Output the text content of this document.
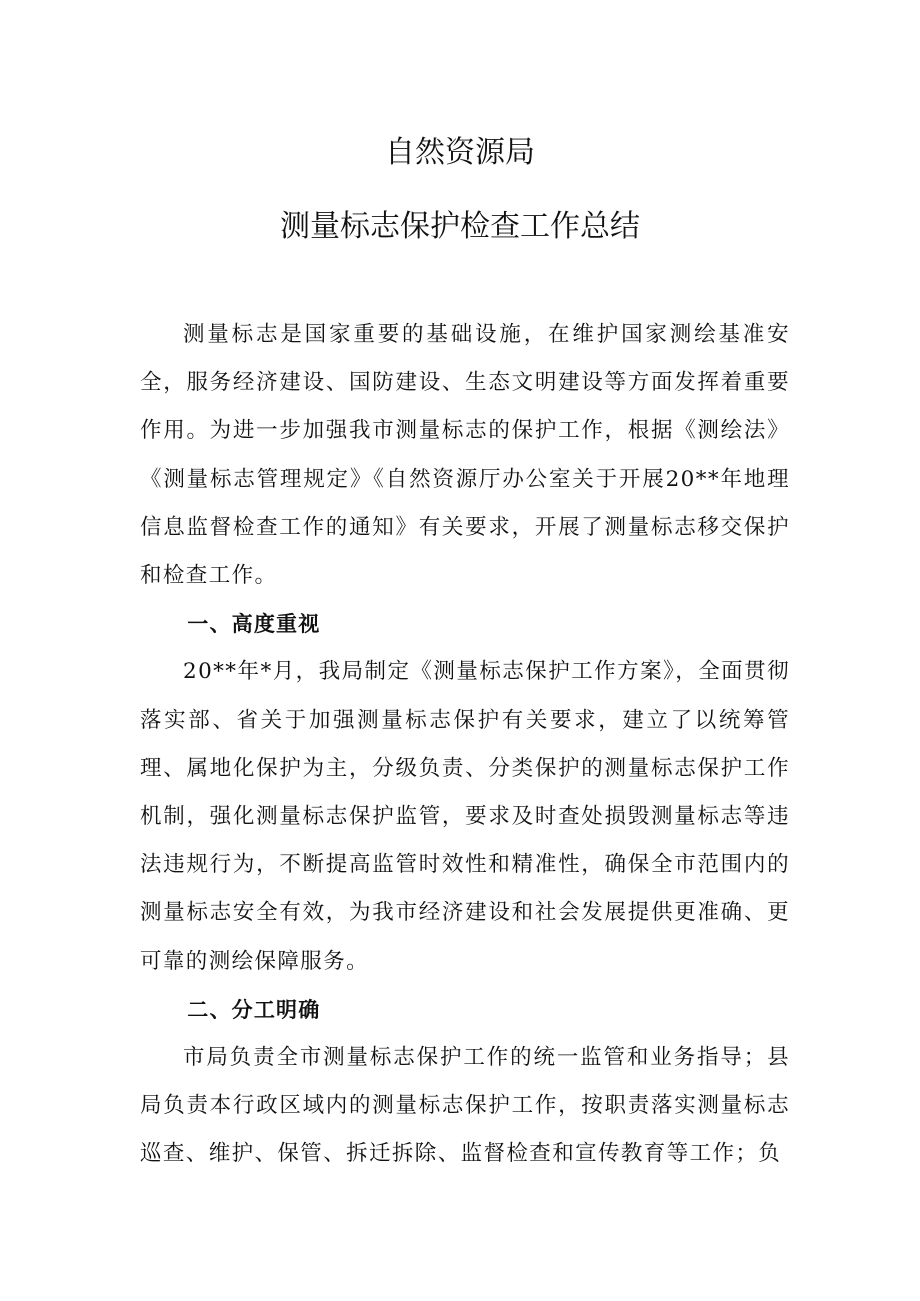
自然资源局
测量标志保护检查工作总结

测量标志是国家重要的基础设施，在维护国家测绘基准安全，服务经济建设、国防建设、生态文明建设等方面发挥着重要作用。为进一步加强我市测量标志的保护工作，根据《测绘法》《测量标志管理规定》《自然资源厅办公室关于开展20**年地理信息监督检查工作的通知》有关要求，开展了测量标志移交保护和检查工作。

一、高度重视

20**年*月，我局制定《测量标志保护工作方案》，全面贯彻落实部、省关于加强测量标志保护有关要求，建立了以统筹管理、属地化保护为主，分级负责、分类保护的测量标志保护工作机制，强化测量标志保护监管，要求及时查处损毁测量标志等违法违规行为，不断提高监管时效性和精准性，确保全市范围内的测量标志安全有效，为我市经济建设和社会发展提供更准确、更可靠的测绘保障服务。

二、分工明确

市局负责全市测量标志保护工作的统一监管和业务指导；县局负责本行政区域内的测量标志保护工作，按职责落实测量标志巡查、维护、保管、拆迁拆除、监督检查和宣传教育等工作；负
